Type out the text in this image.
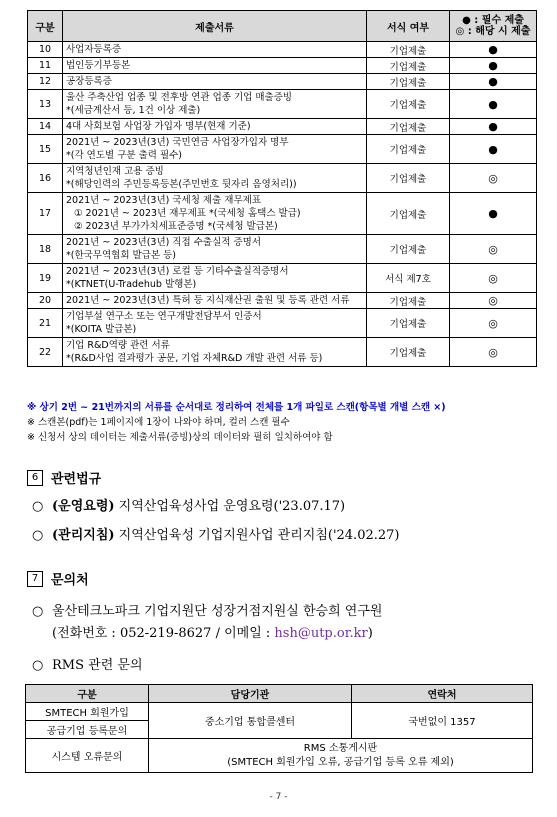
구분	제출서류	서식 여부	● : 필수 제출
◎ : 해당 시 제출

10	사업자등록증	기업제출	●
11	법인등기부등본	기업제출	●
12	공장등록증	기업제출	●
13	울산 주축산업 업종 및 전후방 연관 업종 기업 매출증빙
*(세금계산서 등, 1건 이상 제출)	기업제출	●
14	4대 사회보험 사업장 가입자 명부(현재 기준)	기업제출	●
15	2021년 ~ 2023년(3년) 국민연금 사업장가입자 명부
*(각 연도별 구분 출력 필수)	기업제출	●
16	지역청년인재 고용 증빙
*(해당인력의 주민등록등본(주민번호 뒷자리 음영처리))	기업제출	◎
17	2021년 ~ 2023년(3년) 국세청 제출 재무제표
① 2021년 ~ 2023년 재무제표 *(국세청 홈택스 발급)
② 2023년 부가가치세표준증명 *(국세청 발급본)	기업제출	●
18	2021년 ~ 2023년(3년) 직접 수출실적 증명서
*(한국무역협회 발급본 등)	기업제출	◎
19	2021년 ~ 2023년(3년) 로컬 등 기타수출실적증명서
*(KTNET(U-Tradehub 발행본)	서식 제7호	◎
20	2021년 ~ 2023년(3년) 특허 등 지식재산권 출원 및 등록 관련 서류	기업제출	◎
21	기업부설 연구소 또는 연구개발전담부서 인증서
*(KOITA 발급본)	기업제출	◎
22	기업 R&D역량 관련 서류
*(R&D사업 결과평가 공문, 기업 자체R&D 개발 관련 서류 등)	기업제출	◎
※ 상기 2번 ~ 21번까지의 서류를 순서대로 정리하여 전체를 1개 파일로 스캔(항목별 개별 스캔 ×)
※ 스캔본(pdf)는 1페이지에 1장이 나와야 하며, 컬러 스캔 필수
※ 신청서 상의 데이터는 제출서류(증빙)상의 데이터와 필히 일치하여야 함
6 관련법규
○ (운영요령) 지역산업육성사업 운영요령('23.07.17)
○ (관리지침) 지역산업육성 기업지원사업 관리지침('24.02.27)
7 문의처
○ 울산테크노파크 기업지원단 성장거점지원실 한승희 연구원
(전화번호 : 052-219-8627 / 이메일 : hsh@utp.or.kr)
○ RMS 관련 문의
구분	담당기관	연락처
SMTECH 회원가입	중소기업 통합콜센터	국번없이 1357
공급기업 등록문의		
시스템 오류문의	RMS 소통게시판
(SMTECH 회원가입 오류, 공급기업 등록 오류 제외)	
- 7 -
